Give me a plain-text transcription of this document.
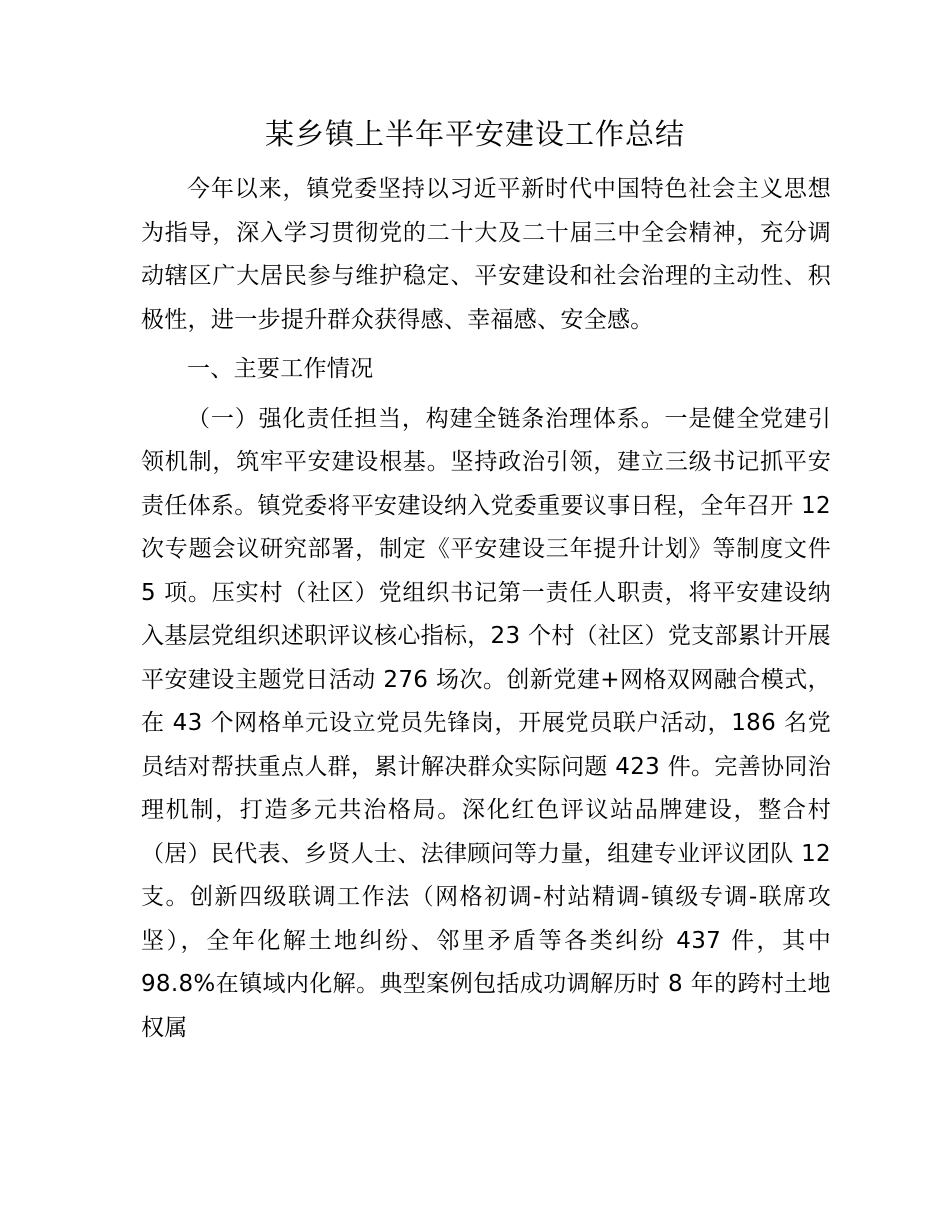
某乡镇上半年平安建设工作总结

今年以来，镇党委坚持以习近平新时代中国特色社会主义思想为指导，深入学习贯彻党的二十大及二十届三中全会精神，充分调动辖区广大居民参与维护稳定、平安建设和社会治理的主动性、积极性，进一步提升群众获得感、幸福感、安全感。

一、主要工作情况

（一）强化责任担当，构建全链条治理体系。一是健全党建引领机制，筑牢平安建设根基。坚持政治引领，建立三级书记抓平安责任体系。镇党委将平安建设纳入党委重要议事日程，全年召开 12 次专题会议研究部署，制定《平安建设三年提升计划》等制度文件 5 项。压实村（社区）党组织书记第一责任人职责，将平安建设纳入基层党组织述职评议核心指标，23 个村（社区）党支部累计开展平安建设主题党日活动 276 场次。创新党建+网格双网融合模式，在 43 个网格单元设立党员先锋岗，开展党员联户活动，186 名党员结对帮扶重点人群，累计解决群众实际问题 423 件。完善协同治理机制，打造多元共治格局。深化红色评议站品牌建设，整合村（居）民代表、乡贤人士、法律顾问等力量，组建专业评议团队 12 支。创新四级联调工作法（网格初调-村站精调-镇级专调-联席攻坚），全年化解土地纠纷、邻里矛盾等各类纠纷 437 件，其中 98.8%在镇域内化解。典型案例包括成功调解历时 8 年的跨村土地权属
